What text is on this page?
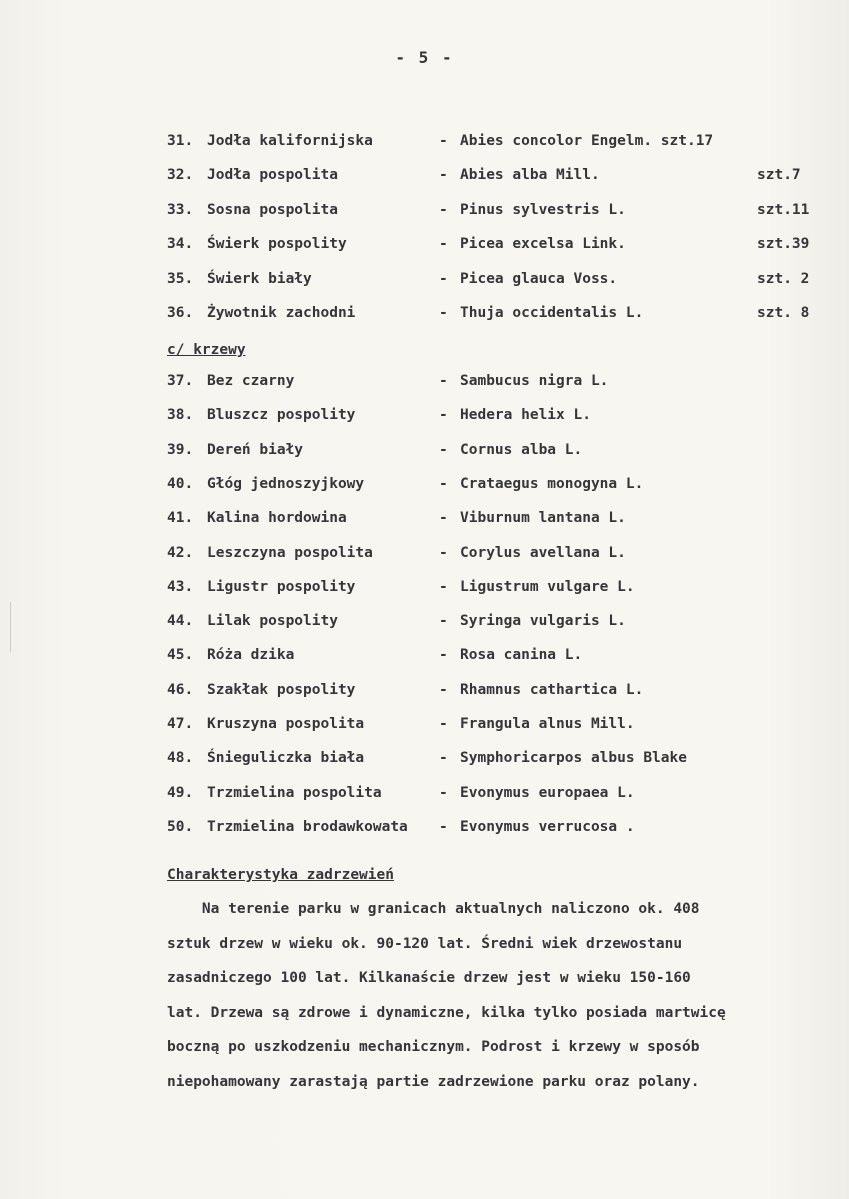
- 5 -
31. Jodła kalifornijska	- Abies concolor Engelm. szt.17
32. Jodła pospolita	- Abies alba Mill.	szt.7
33. Sosna pospolita	- Pinus sylvestris L.	szt.11
34. Świerk pospolity	- Picea excelsa Link.	szt.39
35. Świerk biały	- Picea glauca Voss.	szt. 2
36. Żywotnik zachodni	- Thuja occidentalis L.	szt. 8
c/ krzewy
37. Bez czarny	- Sambucus nigra L.
38. Bluszcz pospolity	- Hedera helix L.
39. Dereń biały	- Cornus alba L.
40. Głóg jednoszyjkowy	- Crataegus monogyna L.
41. Kalina hordowina	- Viburnum lantana L.
42. Leszczyna pospolita	- Corylus avellana L.
43. Ligustr pospolity	- Ligustrum vulgare L.
44. Lilak pospolity	- Syringa vulgaris L.
45. Róża dzika	- Rosa canina L.
46. Szakłak pospolity	- Rhamnus cathartica L.
47. Kruszyna pospolita	- Frangula alnus Mill.
48. Śnieguliczka biała	- Symphoricarpos albus Blake
49. Trzmielina pospolita	- Evonymus europaea L.
50. Trzmielina brodawkowata - Evonymus verrucosa .
Charakterystyka zadrzewień
Na terenie parku w granicach aktualnych naliczono ok. 408
sztuk drzew w wieku ok. 90-120 lat. Średni wiek drzewostanu
zasadniczego 100 lat. Kilkanaście drzew jest w wieku 150-160
lat. Drzewa są zdrowe i dynamiczne, kilka tylko posiada martwicę
boczną po uszkodzeniu mechanicznym. Podrost i krzewy w sposób
niepohamowany zarastają partie zadrzewione parku oraz polany.
